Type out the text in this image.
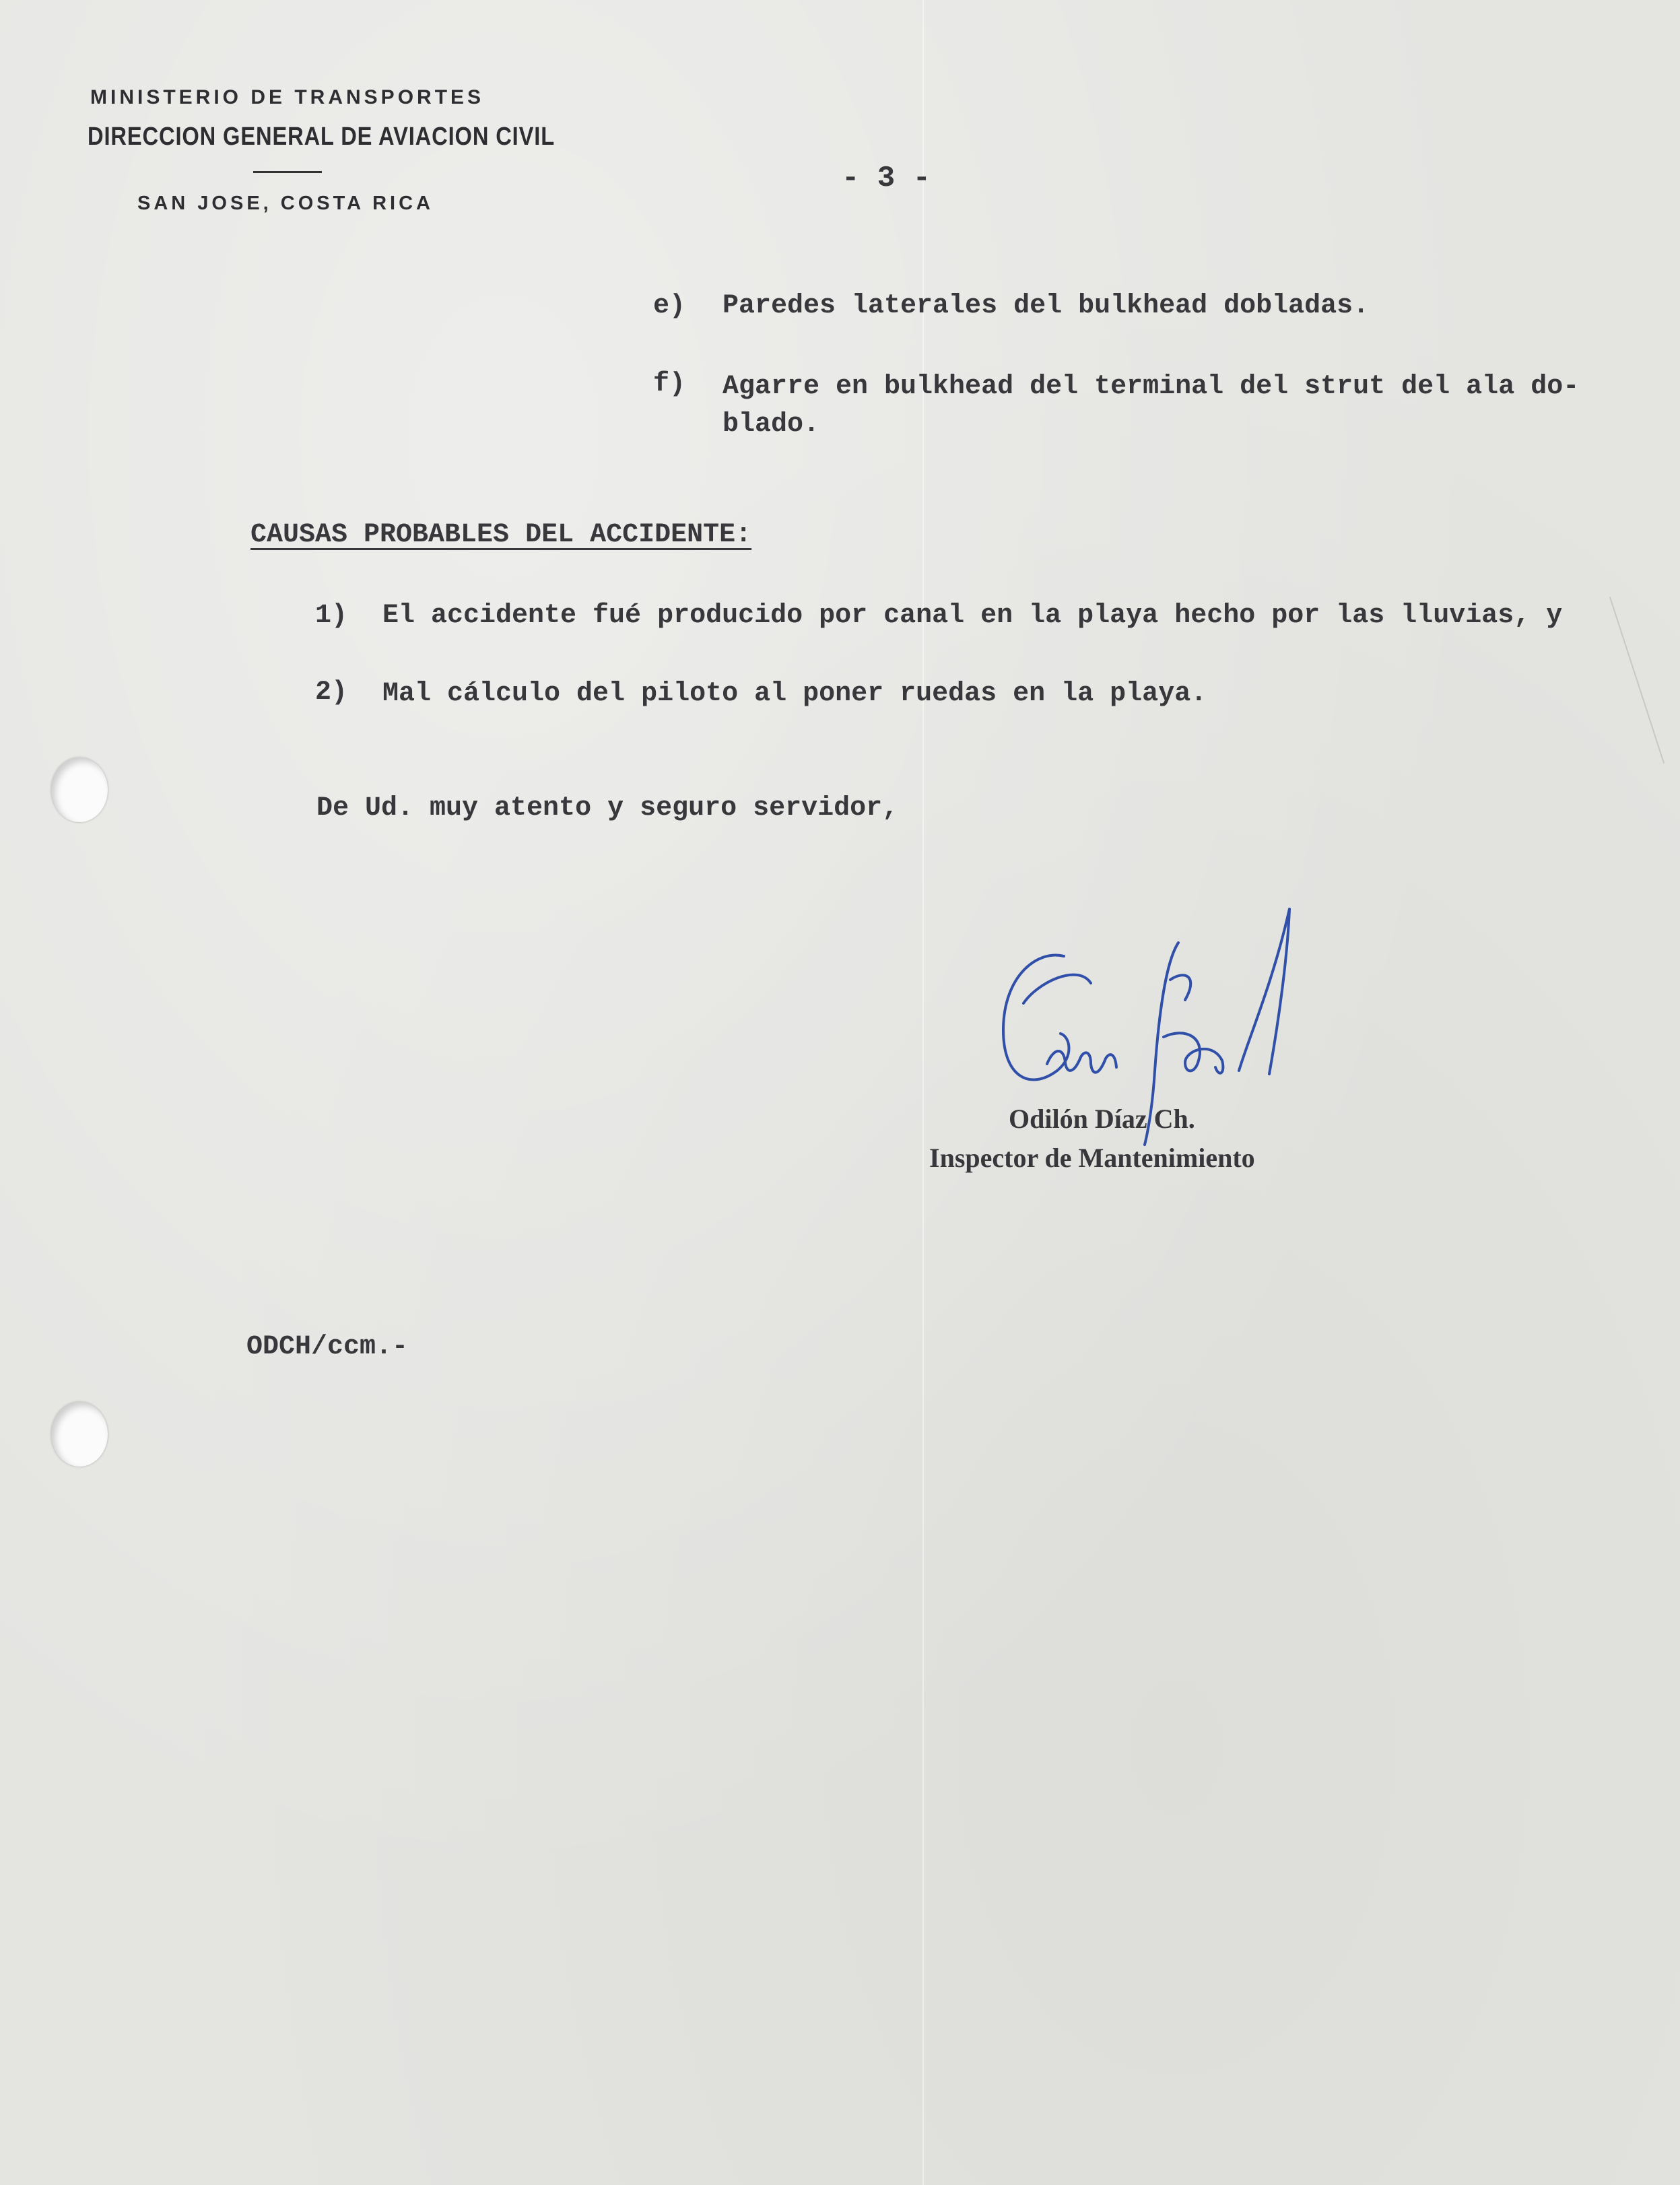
MINISTERIO DE TRANSPORTES
DIRECCION GENERAL DE AVIACION CIVIL
SAN JOSE, COSTA RICA
- 3 -
e) Paredes laterales del bulkhead dobladas.
f) Agarre en bulkhead del terminal del strut del ala do-
blado.
CAUSAS PROBABLES DEL ACCIDENTE:
1) El accidente fué producido por canal en la playa hecho por las lluvias, y
2) Mal cálculo del piloto al poner ruedas en la playa.
De Ud. muy atento y seguro servidor,
Odilón Díaz Ch.
Inspector de Mantenimiento
ODCH/ccm.-
